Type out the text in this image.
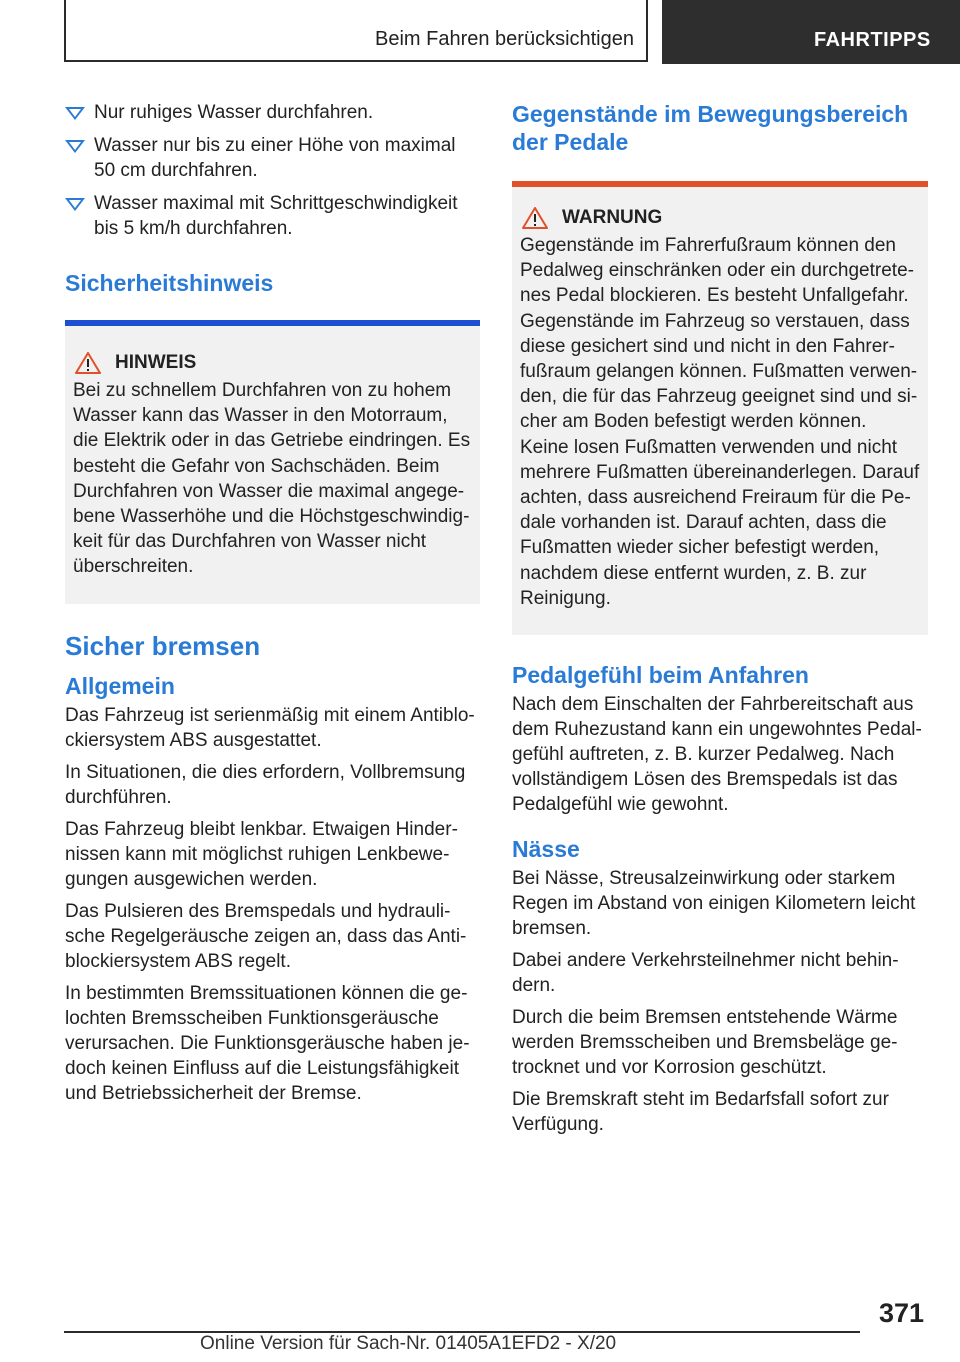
Beim Fahren berücksichtigen	FAHRTIPPS
Nur ruhiges Wasser durchfahren.
Wasser nur bis zu einer Höhe von maximal 50 cm durchfahren.
Wasser maximal mit Schrittgeschwindigkeit bis 5 km/h durchfahren.
Sicherheitshinweis
HINWEIS
Bei zu schnellem Durchfahren von zu hohem Wasser kann das Wasser in den Motorraum, die Elektrik oder in das Getriebe eindringen. Es besteht die Gefahr von Sachschäden. Beim Durchfahren von Wasser die maximal angegebene Wasserhöhe und die Höchstgeschwindigkeit für das Durchfahren von Wasser nicht überschreiten.
Sicher bremsen
Allgemein

Das Fahrzeug ist serienmäßig mit einem Antiblockiersystem ABS ausgestattet.

In Situationen, die dies erfordern, Vollbremsung durchführen.

Das Fahrzeug bleibt lenkbar. Etwaigen Hindernissen kann mit möglichst ruhigen Lenkbewegungen ausgewichen werden.

Das Pulsieren des Bremspedals und hydraulische Regelgeräusche zeigen an, dass das Antiblockiersystem ABS regelt.

In bestimmten Bremssituationen können die gelochten Bremsscheiben Funktionsgeräusche verursachen. Die Funktionsgeräusche haben jedoch keinen Einfluss auf die Leistungsfähigkeit und Betriebssicherheit der Bremse.

Gegenstände im Bewegungsbereich der Pedale
WARNUNG
Gegenstände im Fahrerfußraum können den Pedalweg einschränken oder ein durchgetretenes Pedal blockieren. Es besteht Unfallgefahr. Gegenstände im Fahrzeug so verstauen, dass diese gesichert sind und nicht in den Fahrerfußraum gelangen können. Fußmatten verwenden, die für das Fahrzeug geeignet sind und sicher am Boden befestigt werden können. Keine losen Fußmatten verwenden und nicht mehrere Fußmatten übereinanderlegen. Darauf achten, dass ausreichend Freiraum für die Pedale vorhanden ist. Darauf achten, dass die Fußmatten wieder sicher befestigt werden, nachdem diese entfernt wurden, z. B. zur Reinigung.
Pedalgefühl beim Anfahren

Nach dem Einschalten der Fahrbereitschaft aus dem Ruhezustand kann ein ungewohntes Pedalgefühl auftreten, z. B. kurzer Pedalweg. Nach vollständigem Lösen des Bremspedals ist das Pedalgefühl wie gewohnt.

Nässe

Bei Nässe, Streusalzeinwirkung oder starkem Regen im Abstand von einigen Kilometern leicht bremsen.

Dabei andere Verkehrsteilnehmer nicht behindern.

Durch die beim Bremsen entstehende Wärme werden Bremsscheiben und Bremsbeläge getrocknet und vor Korrosion geschützt.

Die Bremskraft steht im Bedarfsfall sofort zur Verfügung.

371
Online Version für Sach-Nr. 01405A1EFD2 - X/20
